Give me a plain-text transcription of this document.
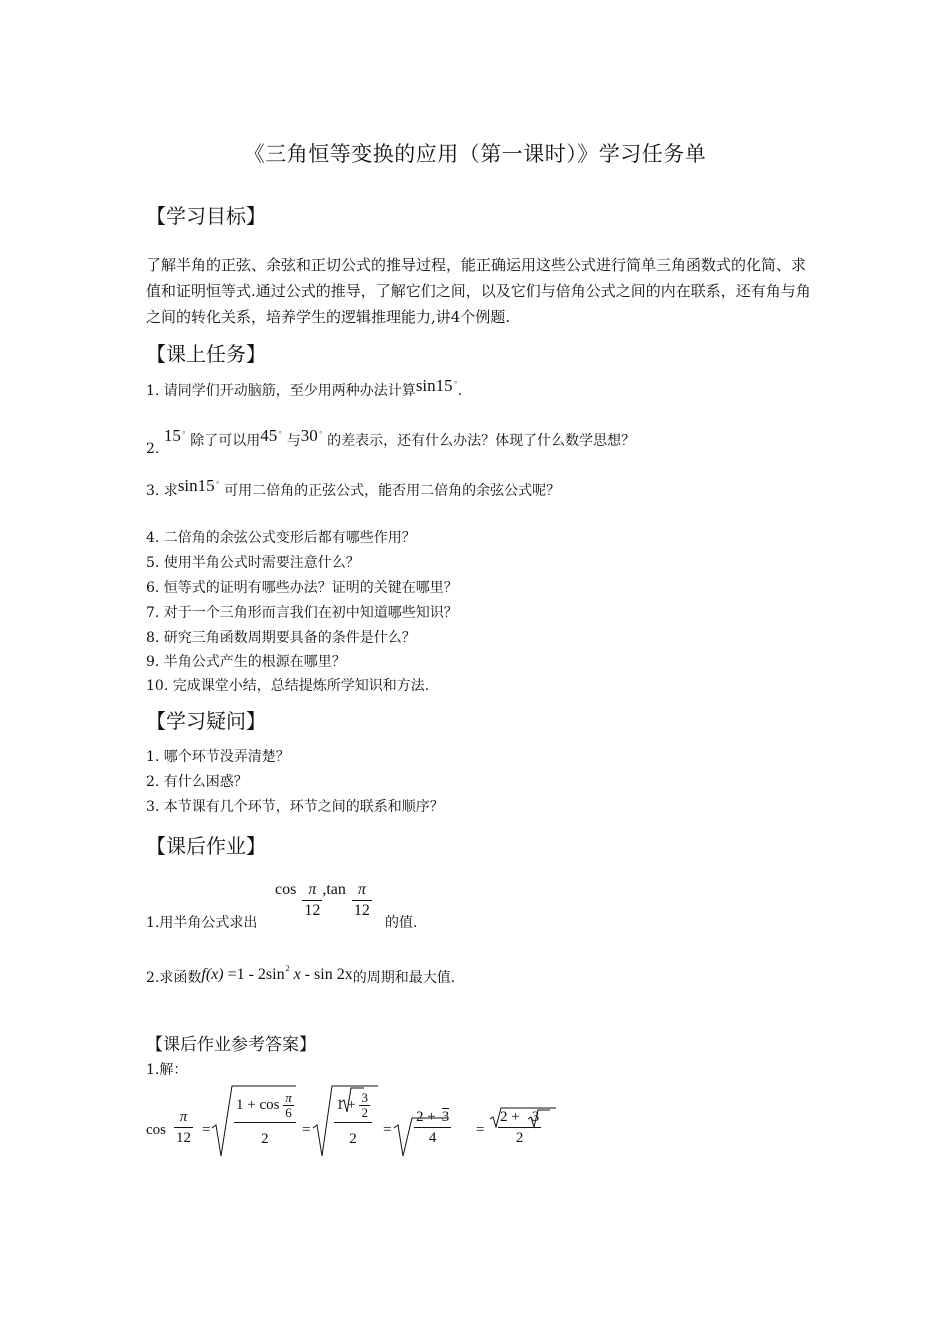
《三角恒等变换的应用（第一课时）》学习任务单
【学习目标】
了解半角的正弦、余弦和正切公式的推导过程，能正确运用这些公式进行简单三角函数式的化简、求值和证明恒等式.通过公式的推导，了解它们之间，以及它们与倍角公式之间的内在联系，还有角与角之间的转化关系，培养学生的逻辑推理能力,讲4个例题.
【课上任务】
1. 请同学们开动脑筋，至少用两种办法计算sin15°.
2. 15° 除了可以用45° 与30° 的差表示，还有什么办法？体现了什么数学思想？
3. 求sin15° 可用二倍角的正弦公式，能否用二倍角的余弦公式呢？
4. 二倍角的余弦公式变形后都有哪些作用？
5. 使用半角公式时需要注意什么？
6. 恒等式的证明有哪些办法？证明的关键在哪里？
7. 对于一个三角形而言我们在初中知道哪些知识？
8. 研究三角函数周期要具备的条件是什么？
9. 半角公式产生的根源在哪里？
10. 完成课堂小结，总结提炼所学知识和方法.
【学习疑问】
1. 哪个环节没弄清楚？
2. 有什么困惑？
3. 本节课有几个环节，环节之间的联系和顺序？
【课后作业】
1.用半角公式求出
$\cos \frac{\pi}{12} ,\tan \frac{\pi}{12}$
的值.
2.求函数$f(x) =1 - 2\sin^2$ x - sin 2x的周期和最大值.
【课后作业参考答案】
1.解：
$\cos \frac{\pi}{12} = \frac{1 + \cos \frac{\pi}{6}}{2} = \frac{1 + \frac{3}{2}}{2} = \frac{2 + 3}{4} = \frac{2 + 3}{2}$
